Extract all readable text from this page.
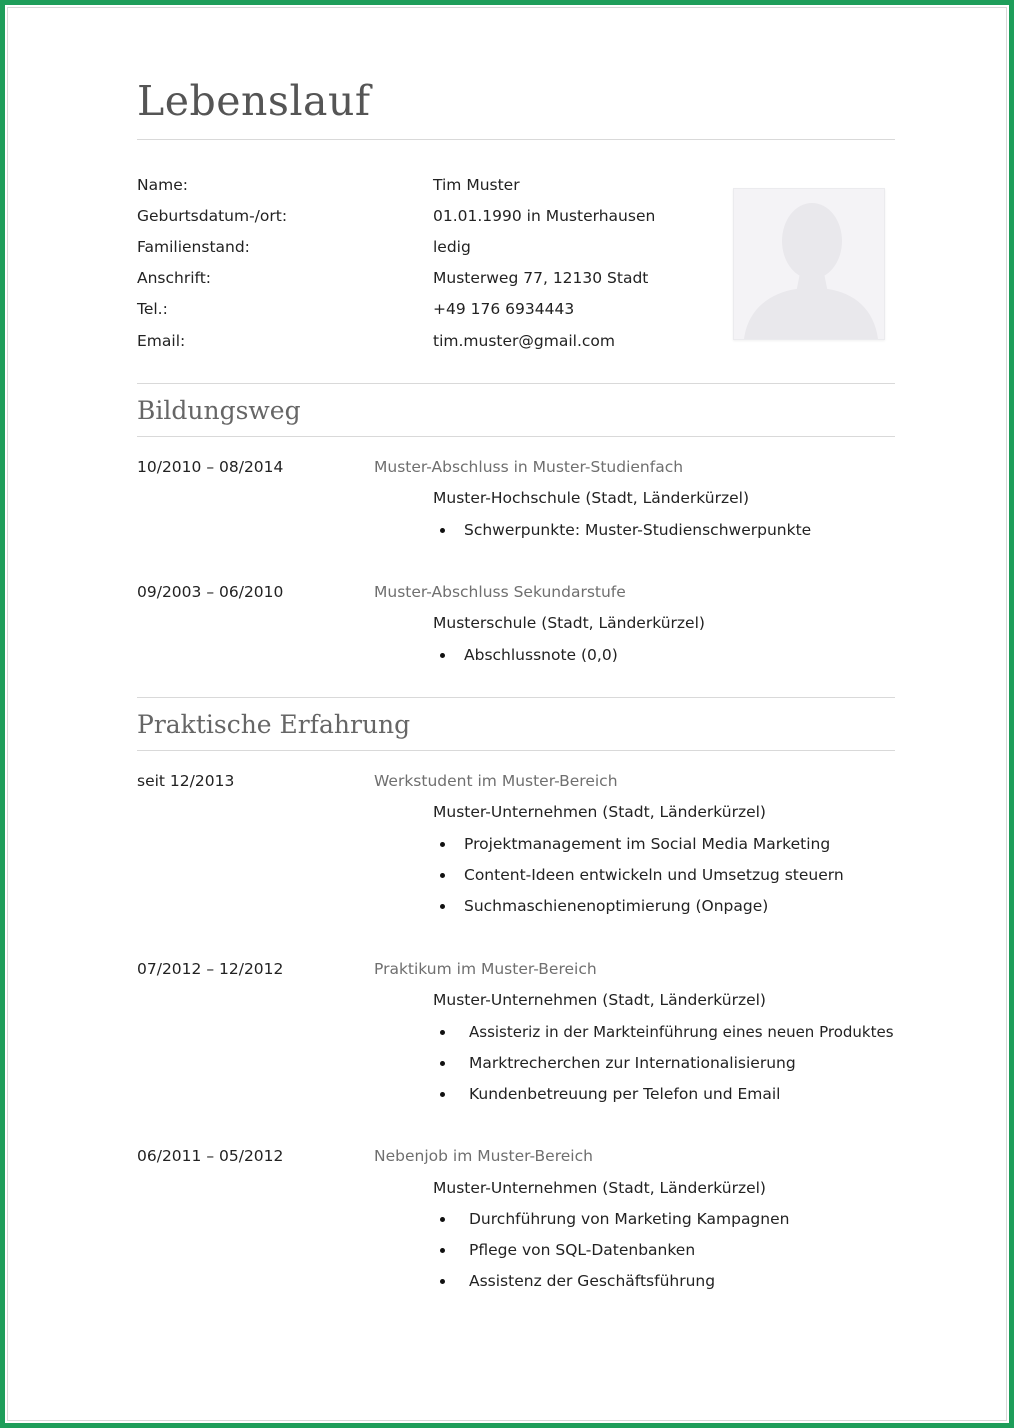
Lebenslauf
Name:	Tim Muster
Geburtsdatum-/ort:	01.01.1990 in Musterhausen
Familienstand:	ledig
Anschrift:	Musterweg 77, 12130 Stadt
Tel.:	+49 176 6934443
Email:	tim.muster@gmail.com
Bildungsweg
10/2010 – 08/2014	Muster-Abschluss in Muster-Studienfach
Muster-Hochschule (Stadt, Länderkürzel)
Schwerpunkte: Muster-Studienschwerpunkte
09/2003 – 06/2010	Muster-Abschluss Sekundarstufe
Musterschule (Stadt, Länderkürzel)
Abschlussnote (0,0)
Praktische Erfahrung
seit 12/2013	Werkstudent im Muster-Bereich
Muster-Unternehmen (Stadt, Länderkürzel)
Projektmanagement im Social Media Marketing
Content-Ideen entwickeln und Umsetzug steuern
Suchmaschienenoptimierung (Onpage)
07/2012 – 12/2012	Praktikum im Muster-Bereich
Muster-Unternehmen (Stadt, Länderkürzel)
Assisteriz in der Markteinführung eines neuen Produktes
Marktrecherchen zur Internationalisierung
Kundenbetreuung per Telefon und Email
06/2011 – 05/2012	Nebenjob im Muster-Bereich
Muster-Unternehmen (Stadt, Länderkürzel)
Durchführung von Marketing Kampagnen
Pflege von SQL-Datenbanken
Assistenz der Geschäftsführung
